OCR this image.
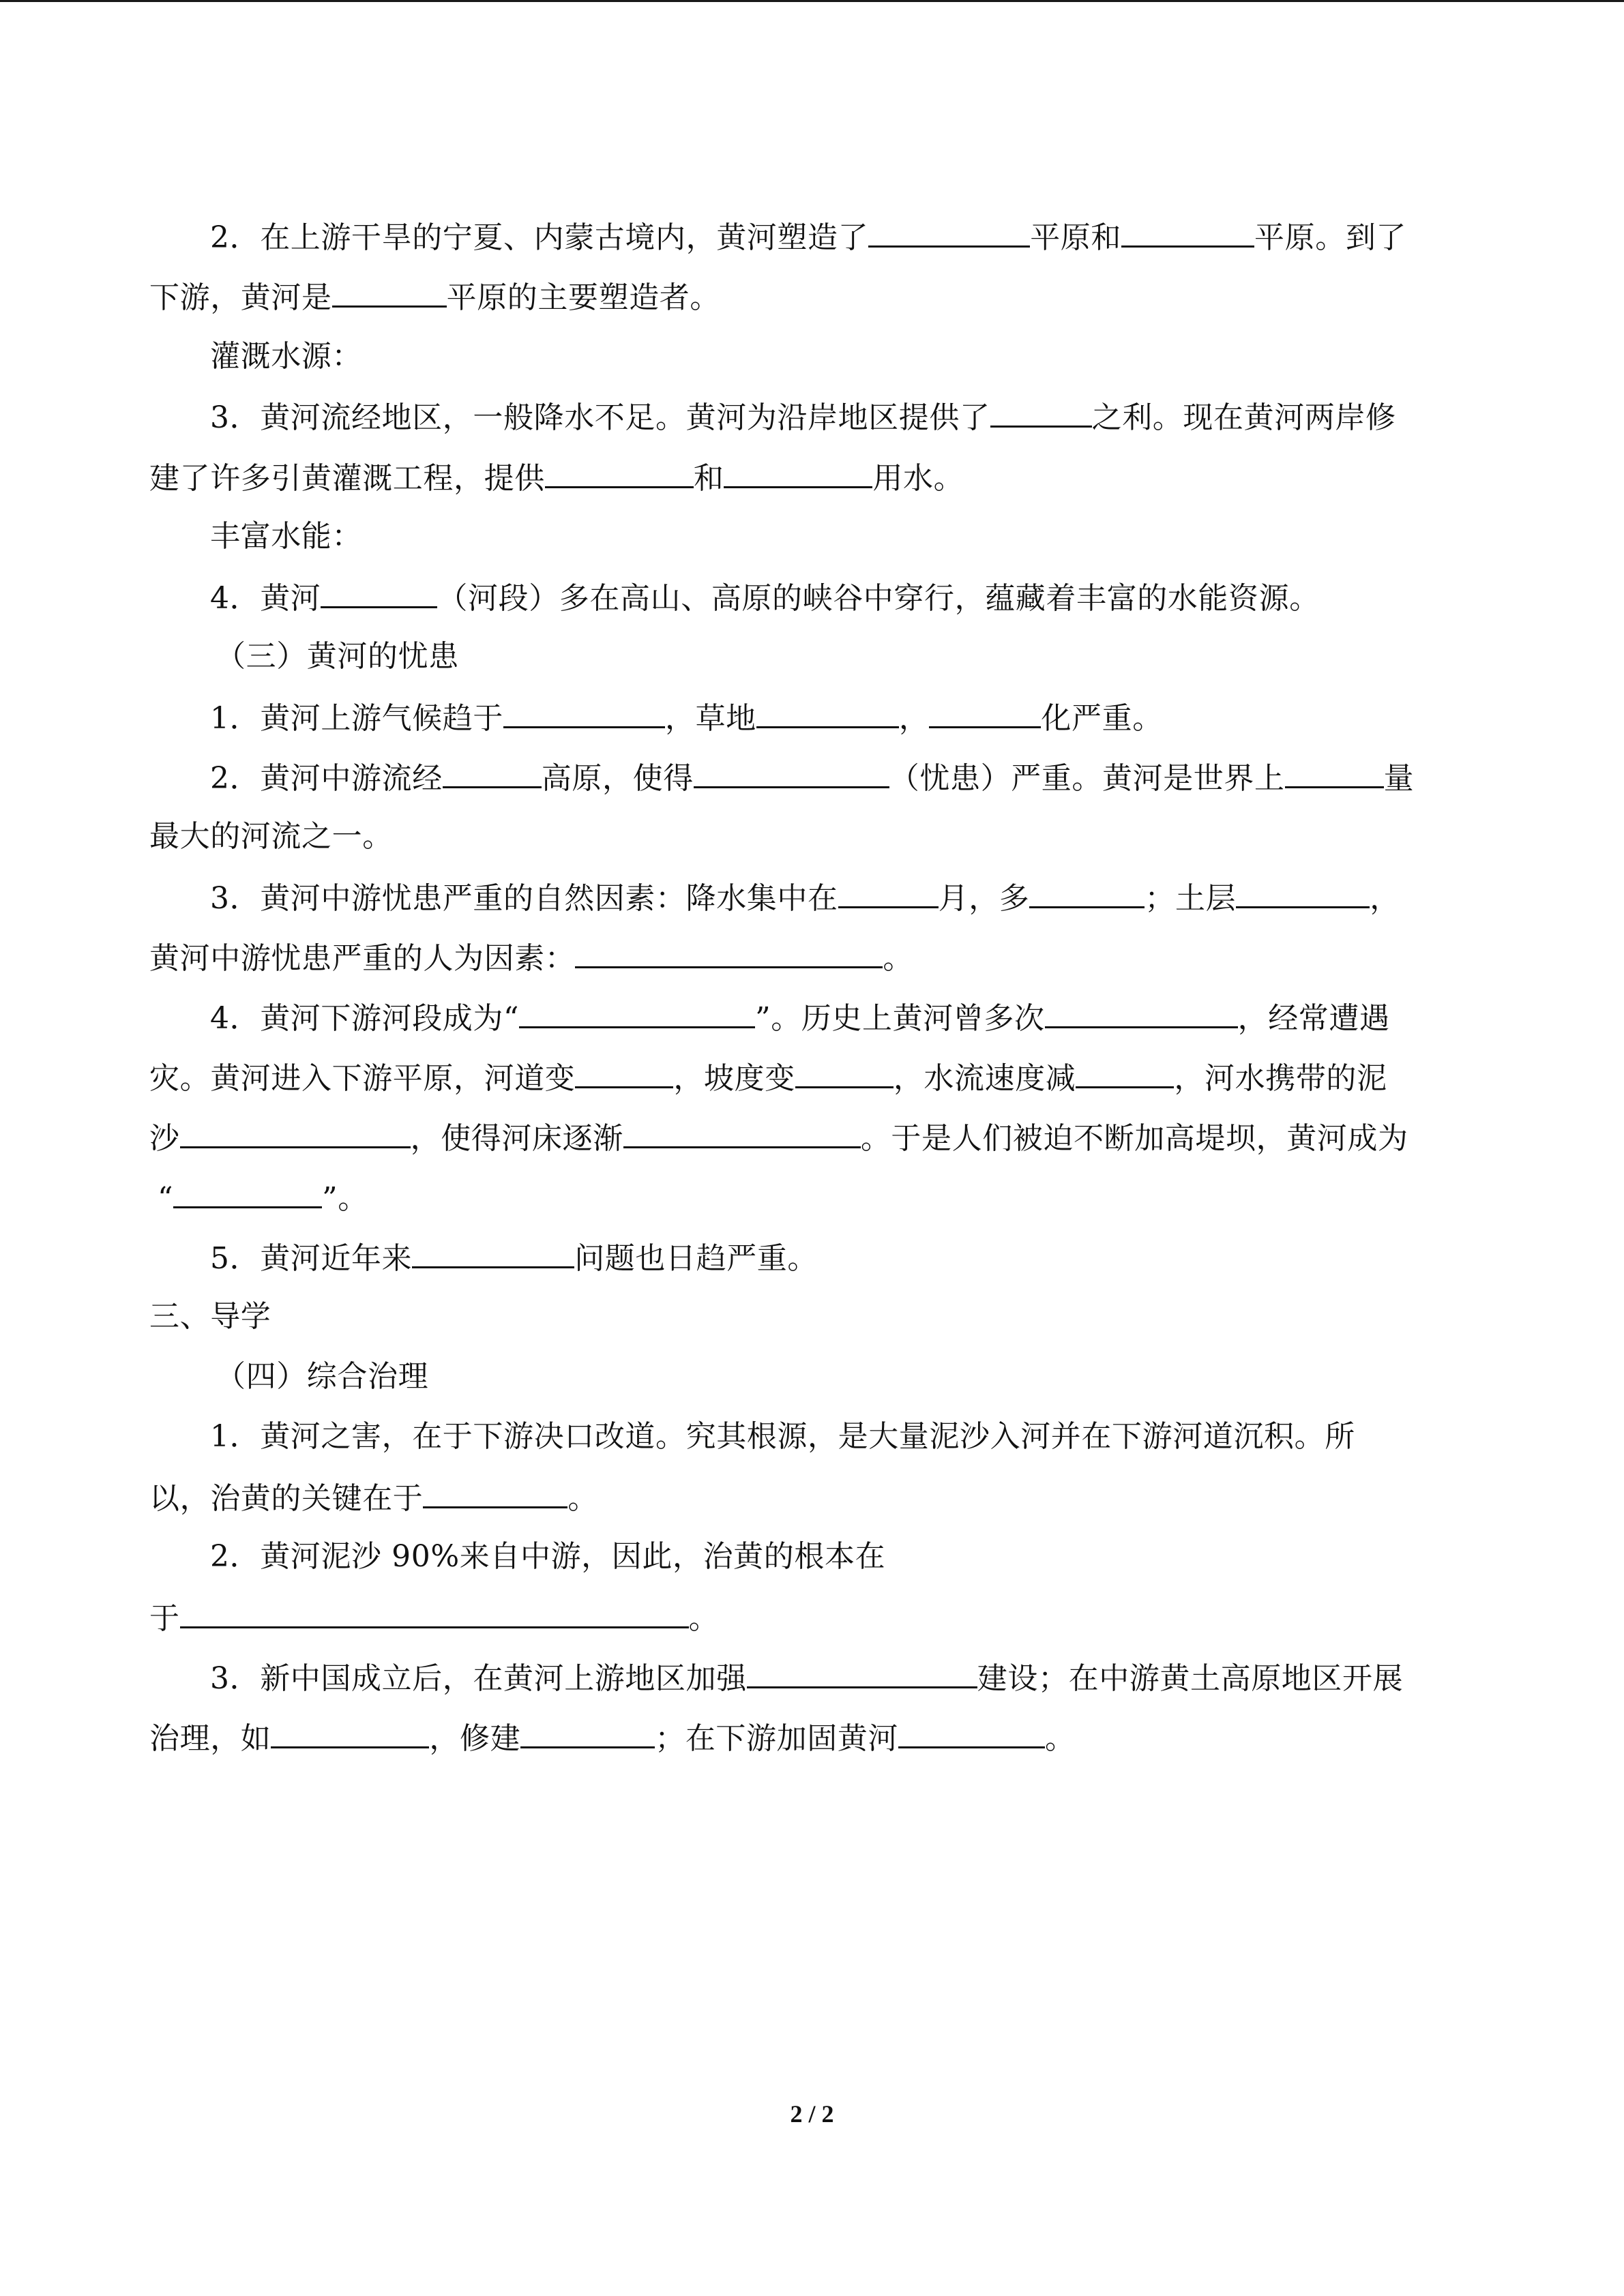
2．在上游干旱的宁夏、内蒙古境内，黄河塑造了	平原和	平原。到了
下游，黄河是	平原的主要塑造者。
灌溉水源：
3．黄河流经地区，一般降水不足。黄河为沿岸地区提供了	之利。现在黄河两岸修
建了许多引黄灌溉工程，提供	和	用水。
丰富水能：
4．黄河	（河段）多在高山、高原的峡谷中穿行，蕴藏着丰富的水能资源。
（三）黄河的忧患
1．黄河上游气候趋于	，草地	，	化严重。
2．黄河中游流经	高原，使得	（忧患）严重。黄河是世界上	量
最大的河流之一。
3．黄河中游忧患严重的自然因素：降水集中在	月，多	；土层	，
黄河中游忧患严重的人为因素：	。
4．黄河下游河段成为“	”。历史上黄河曾多次	，经常遭遇
灾。黄河进入下游平原，河道变	，坡度变	，水流速度减	，河水携带的泥
沙	，使得河床逐渐	。于是人们被迫不断加高堤坝，黄河成为
“	”。
5．黄河近年来	问题也日趋严重。
三、导学
（四）综合治理
1．黄河之害，在于下游决口改道。究其根源，是大量泥沙入河并在下游河道沉积。所
以，治黄的关键在于	。
2．黄河泥沙 90%来自中游，因此，治黄的根本在
于	。
3．新中国成立后，在黄河上游地区加强	建设；在中游黄土高原地区开展
治理，如	，修建	；在下游加固黄河	。
2 / 2
